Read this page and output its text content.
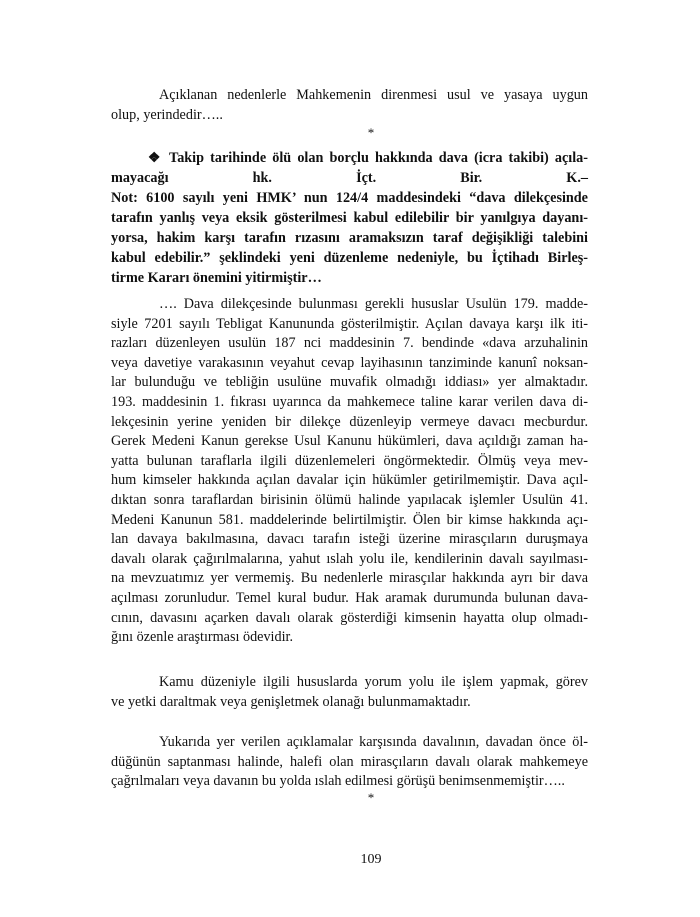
Açıklanan nedenlerle Mahkemenin direnmesi usul ve yasaya uygun
olup, yerindedir…..
*
❖ Takip tarihinde ölü olan borçlu hakkında dava (icra takibi) açıla-
mayacağı hk. İçt. Bir. K.–
Not: 6100 sayılı yeni HMK’ nun 124/4 maddesindeki “dava dilekçesinde
tarafın yanlış veya eksik gösterilmesi kabul edilebilir bir yanılgıya dayanı-
yorsa, hakim karşı tarafın rızasını aramaksızın taraf değişikliği talebini
kabul edebilir.” şeklindeki yeni düzenleme nedeniyle, bu İçtihadı Birleş-
tirme Kararı önemini yitirmiştir…
…. Dava dilekçesinde bulunması gerekli hususlar Usulün 179. madde-
siyle 7201 sayılı Tebligat Kanununda gösterilmiştir. Açılan davaya karşı ilk iti-
razları düzenleyen usulün 187 nci maddesinin 7. bendinde «dava arzuhalinin
veya davetiye varakasının veyahut cevap layihasının tanziminde kanunî noksan-
lar bulunduğu ve tebliğin usulüne muvafik olmadığı iddiası» yer almaktadır.
193. maddesinin 1. fıkrası uyarınca da mahkemece taline karar verilen dava di-
lekçesinin yerine yeniden bir dilekçe düzenleyip vermeye davacı mecburdur.
Gerek Medeni Kanun gerekse Usul Kanunu hükümleri, dava açıldığı zaman ha-
yatta bulunan taraflarla ilgili düzenlemeleri öngörmektedir. Ölmüş veya mev-
hum kimseler hakkında açılan davalar için hükümler getirilmemiştir. Dava açıl-
dıktan sonra taraflardan birisinin ölümü halinde yapılacak işlemler Usulün 41.
Medeni Kanunun 581. maddelerinde belirtilmiştir. Ölen bir kimse hakkında açı-
lan davaya bakılmasına, davacı tarafın isteği üzerine mirasçıların duruşmaya
davalı olarak çağırılmalarına, yahut ıslah yolu ile, kendilerinin davalı sayılması-
na mevzuatımız yer vermemiş. Bu nedenlerle mirasçılar hakkında ayrı bir dava
açılması zorunludur. Temel kural budur. Hak aramak durumunda bulunan dava-
cının, davasını açarken davalı olarak gösterdiği kimsenin hayatta olup olmadı-
ğını özenle araştırması ödevidir.
Kamu düzeniyle ilgili hususlarda yorum yolu ile işlem yapmak, görev
ve yetki daraltmak veya genişletmek olanağı bulunmamaktadır.
Yukarıda yer verilen açıklamalar karşısında davalının, davadan önce öl-
düğünün saptanması halinde, halefi olan mirasçıların davalı olarak mahkemeye
çağrılmaları veya davanın bu yolda ıslah edilmesi görüşü benimsenmemiştir…..
*
109
